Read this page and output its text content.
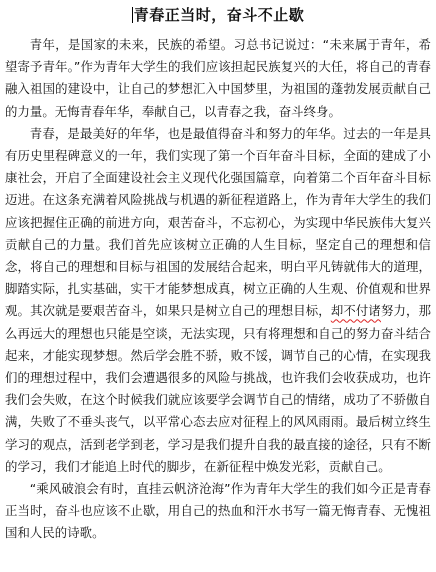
青春正当时，奋斗不止歇

青年，是国家的未来，民族的希望。习总书记说过：“未来属于青年，希望寄予青年。”作为青年大学生的我们应该担起民族复兴的大任，将自己的青春融入祖国的建设中，让自己的梦想汇入中国梦里，为祖国的蓬勃发展贡献自己的力量。无悔青春年华，奉献自己，以青春之我，奋斗终身。

青春，是最美好的年华，也是最值得奋斗和努力的年华。过去的一年是具有历史里程碑意义的一年，我们实现了第一个百年奋斗目标，全面的建成了小康社会，开启了全面建设社会主义现代化强国篇章，向着第二个百年奋斗目标迈进。在这条充满着风险挑战与机遇的新征程道路上，作为青年大学生的我们应该把握住正确的前进方向，艰苦奋斗，不忘初心，为实现中华民族伟大复兴贡献自己的力量。我们首先应该树立正确的人生目标，坚定自己的理想和信念，将自己的理想和目标与祖国的发展结合起来，明白平凡铸就伟大的道理，脚踏实际，扎实基础，实干才能梦想成真，树立正确的人生观、价值观和世界观。其次就是要艰苦奋斗，如果只是树立自己的理想目标，却不付诸努力，那么再远大的理想也只能是空谈，无法实现，只有将理想和自己的努力奋斗结合起来，才能实现梦想。然后学会胜不骄，败不馁，调节自己的心情，在实现我们的理想过程中，我们会遭遇很多的风险与挑战，也许我们会收获成功，也许我们会失败，在这个时候我们就应该要学会调节自己的情绪，成功了不骄傲自满，失败了不垂头丧气，以平常心态去应对征程上的风风雨雨。最后树立终生学习的观点，活到老学到老，学习是我们提升自我的最直接的途径，只有不断的学习，我们才能追上时代的脚步，在新征程中焕发光彩，贡献自己。

“乘风破浪会有时，直挂云帆济沧海”作为青年大学生的我们如今正是青春正当时，奋斗也应该不止歇，用自己的热血和汗水书写一篇无悔青春、无愧祖国和人民的诗歌。
